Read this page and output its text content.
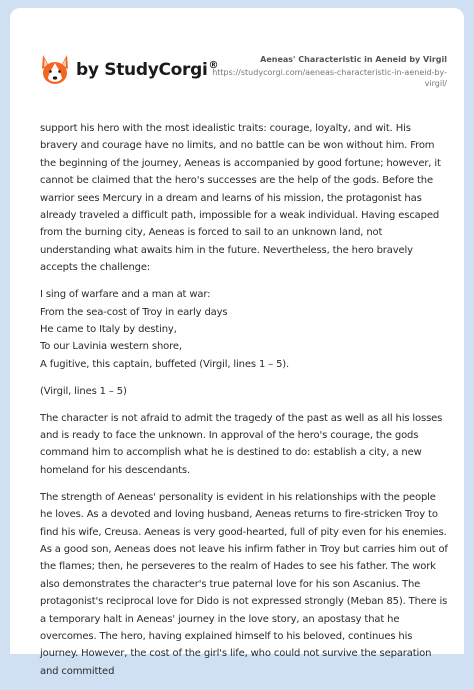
by StudyCorgi®
Aeneas' Characteristic in Aeneid by Virgil
https://studycorgi.com/aeneas-characteristic-in-aeneid-by-
virgil/

support his hero with the most idealistic traits: courage, loyalty, and wit. His bravery and courage have no limits, and no battle can be won without him. From the beginning of the journey, Aeneas is accompanied by good fortune; however, it cannot be claimed that the hero's successes are the help of the gods. Before the warrior sees Mercury in a dream and learns of his mission, the protagonist has already traveled a difficult path, impossible for a weak individual. Having escaped from the burning city, Aeneas is forced to sail to an unknown land, not understanding what awaits him in the future. Nevertheless, the hero bravely accepts the challenge:

I sing of warfare and a man at war:
From the sea-cost of Troy in early days
He came to Italy by destiny,
To our Lavinia western shore,
A fugitive, this captain, buffeted (Virgil, lines 1 – 5).

(Virgil, lines 1 – 5)

The character is not afraid to admit the tragedy of the past as well as all his losses and is ready to face the unknown. In approval of the hero's courage, the gods command him to accomplish what he is destined to do: establish a city, a new homeland for his descendants.

The strength of Aeneas' personality is evident in his relationships with the people he loves. As a devoted and loving husband, Aeneas returns to fire-stricken Troy to find his wife, Creusa. Aeneas is very good-hearted, full of pity even for his enemies. As a good son, Aeneas does not leave his infirm father in Troy but carries him out of the flames; then, he perseveres to the realm of Hades to see his father. The work also demonstrates the character's true paternal love for his son Ascanius. The protagonist's reciprocal love for Dido is not expressed strongly (Meban 85). There is a temporary halt in Aeneas' journey in the love story, an apostasy that he overcomes. The hero, having explained himself to his beloved, continues his journey. However, the cost of the girl's life, who could not survive the separation and committed
